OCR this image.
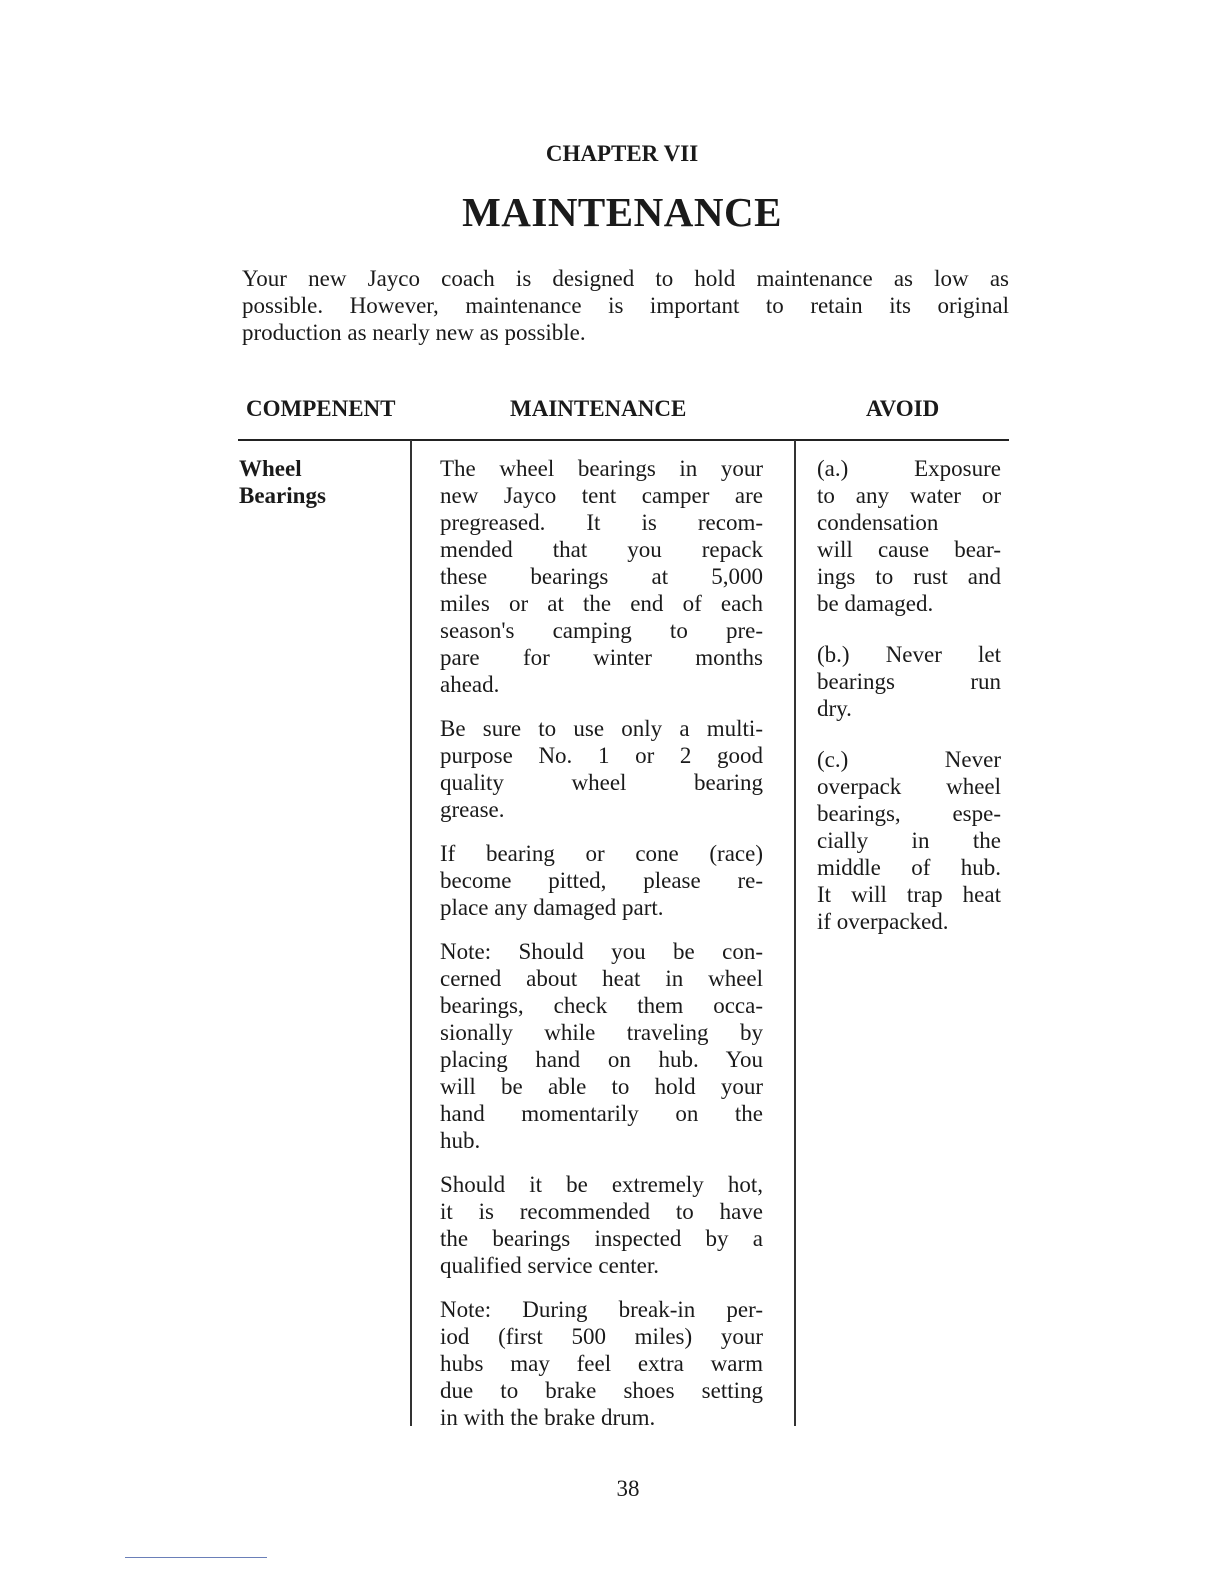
CHAPTER VII
MAINTENANCE
Your new Jayco coach is designed to hold maintenance as low as
possible. However, maintenance is important to retain its original
production as nearly new as possible.
COMPENENT	MAINTENANCE	AVOID
Wheel Bearings
The wheel bearings in your
new Jayco tent camper are
pregreased. It is recom-
mended that you repack
these bearings at 5,000
miles or at the end of each
season's camping to pre-
pare for winter months
ahead.
Be sure to use only a multi-
purpose No. 1 or 2 good
quality wheel bearing
grease.
If bearing or cone (race)
become pitted, please re-
place any damaged part.
Note: Should you be con-
cerned about heat in wheel
bearings, check them occa-
sionally while traveling by
placing hand on hub. You
will be able to hold your
hand momentarily on the
hub.
Should it be extremely hot,
it is recommended to have
the bearings inspected by a
qualified service center.
Note: During break-in per-
iod (first 500 miles) your
hubs may feel extra warm
due to brake shoes setting
in with the brake drum.
(a.) Exposure
to any water or
condensation
will cause bear-
ings to rust and
be damaged.
(b.) Never let
bearings run
dry.
(c.) Never
overpack wheel
bearings, espe-
cially in the
middle of hub.
It will trap heat
if overpacked.
38
